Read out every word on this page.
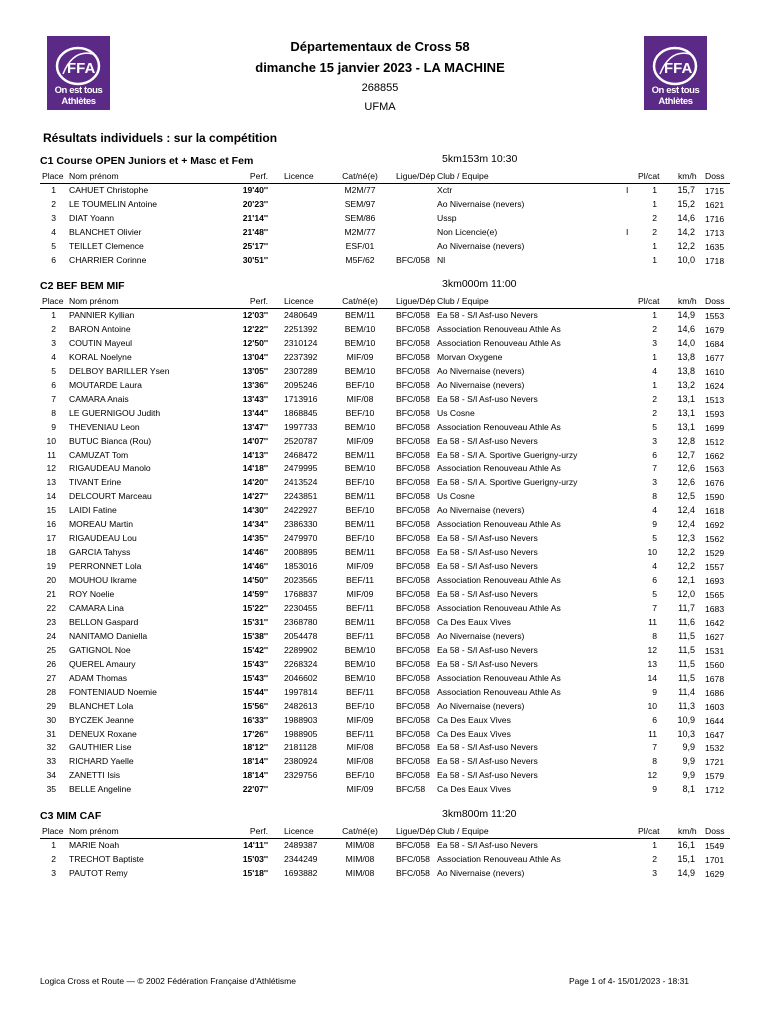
FFA
On est tous Athlètes
FFA
On est tous Athlètes
Départementaux de Cross 58
dimanche 15 janvier 2023 - LA MACHINE
268855
UFMA
Résultats individuels : sur la compétition
C1 Course OPEN Juniors et + Masc et Fem	5km153m 10:30
Place Nom prénom	Perf. Licence	Cat/né(e)	Ligue/Dép Club / Equipe	Pl/cat km/h Doss
1 CAHUET Christophe	19'40''	M2M/77	Xctr	I	1	15,7 1715
2 LE TOUMELIN Antoine	20'23''	SEM/97	Ao Nivernaise (nevers)	1	15,2 1621
3 DIAT Yoann	21'14''	SEM/86	Ussp	2	14,6 1716
4 BLANCHET Olivier	21'48''	M2M/77	Non Licencie(e)	I	2	14,2 1713
5 TEILLET Clemence	25'17''	ESF/01	Ao Nivernaise (nevers)	1	12,2 1635
6 CHARRIER Corinne	30'51''	M5F/62	BFC/058 Nl	1	10,0 1718
C2 BEF BEM MIF	3km000m 11:00
Place Nom prénom	Perf. Licence	Cat/né(e)	Ligue/Dép Club / Equipe	Pl/cat km/h Doss
1 PANNIER Kyllian	12'03'' 2480649	BEM/11	BFC/058 Ea 58 - S/l Asf-uso Nevers	1	14,9 1553
2 BARON Antoine	12'22'' 2251392	BEM/10	BFC/058 Association Renouveau Athle As	2	14,6 1679
3 COUTIN Mayeul	12'50'' 2310124	BEM/10	BFC/058 Association Renouveau Athle As	3	14,0 1684
4 KORAL Noelyne	13'04'' 2237392	MIF/09	BFC/058 Morvan Oxygene	1	13,8 1677
5 DELBOY BARILLER Ysen	13'05'' 2307289	BEM/10	BFC/058 Ao Nivernaise (nevers)	4	13,8 1610
6 MOUTARDE Laura	13'36'' 2095246	BEF/10	BFC/058 Ao Nivernaise (nevers)	1	13,2 1624
7 CAMARA Anais	13'43'' 1713916	MIF/08	BFC/058 Ea 58 - S/l Asf-uso Nevers	2	13,1 1513
8 LE GUERNIGOU Judith	13'44'' 1868845	BEF/10	BFC/058 Us Cosne	2	13,1 1593
9 THEVENIAU Leon	13'47'' 1997733	BEM/10	BFC/058 Association Renouveau Athle As	5	13,1 1699
10 BUTUC Bianca (Rou)	14'07'' 2520787	MIF/09	BFC/058 Ea 58 - S/l Asf-uso Nevers	3	12,8 1512
11 CAMUZAT Tom	14'13'' 2468472	BEM/11	BFC/058 Ea 58 - S/l A. Sportive Guerigny-urzy	6	12,7 1662
12 RIGAUDEAU Manolo	14'18'' 2479995	BEM/10	BFC/058 Association Renouveau Athle As	7	12,6 1563
13 TIVANT Erine	14'20'' 2413524	BEF/10	BFC/058 Ea 58 - S/l A. Sportive Guerigny-urzy	3	12,6 1676
14 DELCOURT Marceau	14'27'' 2243851	BEM/11	BFC/058 Us Cosne	8	12,5 1590
15 LAIDI Fatine	14'30'' 2422927	BEF/10	BFC/058 Ao Nivernaise (nevers)	4	12,4 1618
16 MOREAU Martin	14'34'' 2386330	BEM/11	BFC/058 Association Renouveau Athle As	9	12,4 1692
17 RIGAUDEAU Lou	14'35'' 2479970	BEF/10	BFC/058 Ea 58 - S/l Asf-uso Nevers	5	12,3 1562
18 GARCIA Tahyss	14'46'' 2008895	BEM/11	BFC/058 Ea 58 - S/l Asf-uso Nevers	10	12,2 1529
19 PERRONNET Lola	14'46'' 1853016	MIF/09	BFC/058 Ea 58 - S/l Asf-uso Nevers	4	12,2 1557
20 MOUHOU Ikrame	14'50'' 2023565	BEF/11	BFC/058 Association Renouveau Athle As	6	12,1 1693
21 ROY Noelie	14'59'' 1768837	MIF/09	BFC/058 Ea 58 - S/l Asf-uso Nevers	5	12,0 1565
22 CAMARA Lina	15'22'' 2230455	BEF/11	BFC/058 Association Renouveau Athle As	7	11,7 1683
23 BELLON Gaspard	15'31'' 2368780	BEM/11	BFC/058 Ca Des Eaux Vives	11	11,6 1642
24 NANITAMO Daniella	15'38'' 2054478	BEF/11	BFC/058 Ao Nivernaise (nevers)	8	11,5 1627
25 GATIGNOL Noe	15'42'' 2289902	BEM/10	BFC/058 Ea 58 - S/l Asf-uso Nevers	12	11,5 1531
26 QUEREL Amaury	15'43'' 2268324	BEM/10	BFC/058 Ea 58 - S/l Asf-uso Nevers	13	11,5 1560
27 ADAM Thomas	15'43'' 2046602	BEM/10	BFC/058 Association Renouveau Athle As	14	11,5 1678
28 FONTENIAUD Noemie	15'44'' 1997814	BEF/11	BFC/058 Association Renouveau Athle As	9	11,4 1686
29 BLANCHET Lola	15'56'' 2482613	BEF/10	BFC/058 Ao Nivernaise (nevers)	10	11,3 1603
30 BYCZEK Jeanne	16'33'' 1988903	MIF/09	BFC/058 Ca Des Eaux Vives	6	10,9 1644
31 DENEUX Roxane	17'26'' 1988905	BEF/11	BFC/058 Ca Des Eaux Vives	11	10,3 1647
32 GAUTHIER Lise	18'12'' 2181128	MIF/08	BFC/058 Ea 58 - S/l Asf-uso Nevers	7	9,9 1532
33 RICHARD Yaelle	18'14'' 2380924	MIF/08	BFC/058 Ea 58 - S/l Asf-uso Nevers	8	9,9 1721
34 ZANETTI Isis	18'14'' 2329756	BEF/10	BFC/058 Ea 58 - S/l Asf-uso Nevers	12	9,9 1579
35 BELLE Angeline	22'07''	MIF/09	BFC/58 Ca Des Eaux Vives	9	8,1 1712
C3 MIM CAF	3km800m 11:20
Place Nom prénom	Perf. Licence	Cat/né(e)	Ligue/Dép Club / Equipe	Pl/cat km/h Doss
1 MARIE Noah	14'11'' 2489387	MIM/08	BFC/058 Ea 58 - S/l Asf-uso Nevers	1	16,1 1549
2 TRECHOT Baptiste	15'03'' 2344249	MIM/08	BFC/058 Association Renouveau Athle As	2	15,1 1701
3 PAUTOT Remy	15'18'' 1693882	MIM/08	BFC/058 Ao Nivernaise (nevers)	3	14,9 1629
Logica Cross et Route — © 2002 Fédération Française d'Athlétisme	Page 1 of 4- 15/01/2023 - 18:31
